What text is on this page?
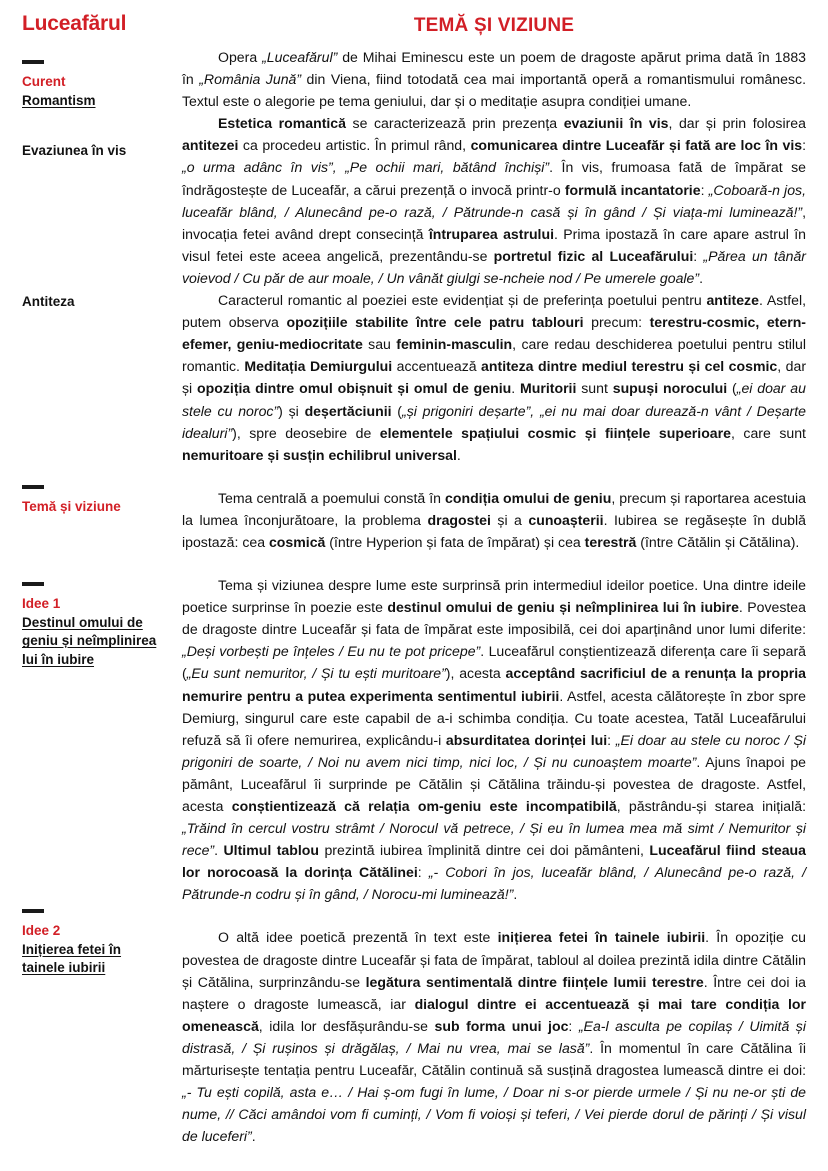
Luceafărul
Curent
Romantism
Evaziunea în vis
Antiteza
Temă și viziune
Idee 1
Destinul omului de geniu și neîmplinirea lui în iubire
Idee 2
Inițierea fetei în tainele iubirii
TEMĂ ȘI VIZIUNE

Opera „Luceafărul” de Mihai Eminescu este un poem de dragoste apărut prima dată în 1883 în „România Jună” din Viena, fiind totodată cea mai importantă operă a romantismului românesc. Textul este o alegorie pe tema geniului, dar și o meditație asupra condiției umane.

Estetica romantică se caracterizează prin prezența evaziunii în vis, dar și prin folosirea antitezei ca procedeu artistic. În primul rând, comunicarea dintre Luceafăr și fată are loc în vis: „o urma adânc în vis”, „Pe ochii mari, bătând închiși”. În vis, frumoasa fată de împărat se îndrăgostește de Luceafăr, a cărui prezență o invocă printr-o formulă incantatorie: „Coboară-n jos, luceafăr blând, / Alunecând pe-o rază, / Pătrunde-n casă și în gând / Și viața-mi luminează!”, invocația fetei având drept consecință întruparea astrului. Prima ipostază în care apare astrul în visul fetei este aceea angelică, prezentându-se portretul fizic al Luceafărului: „Părea un tânăr voievod / Cu păr de aur moale, / Un vânăt giulgi se-ncheie nod / Pe umerele goale”.

Caracterul romantic al poeziei este evidențiat și de preferința poetului pentru antiteze. Astfel, putem observa opozițiile stabilite între cele patru tablouri precum: terestru-cosmic, etern-efemer, geniu-mediocritate sau feminin-masculin, care redau deschiderea poetului pentru stilul romantic. Meditația Demiurgului accentuează antiteza dintre mediul terestru și cel cosmic, dar și opoziția dintre omul obișnuit și omul de geniu. Muritorii sunt supuși norocului („ei doar au stele cu noroc”) și deșertăciunii („și prigoniri deșarte”, „ei nu mai doar durează-n vânt / Deșarte idealuri”), spre deosebire de elementele spațiului cosmic și ființele superioare, care sunt nemuritoare și susțin echilibrul universal.

Tema centrală a poemului constă în condiția omului de geniu, precum și raportarea acestuia la lumea înconjurătoare, la problema dragostei și a cunoașterii. Iubirea se regăsește în dublă ipostază: cea cosmică (între Hyperion și fata de împărat) și cea terestră (între Cătălin și Cătălina).

Tema și viziunea despre lume este surprinsă prin intermediul ideilor poetice. Una dintre ideile poetice surprinse în poezie este destinul omului de geniu și neîmplinirea lui în iubire. Povestea de dragoste dintre Luceafăr și fata de împărat este imposibilă, cei doi aparținând unor lumi diferite: „Deși vorbești pe înțeles / Eu nu te pot pricepe”. Luceafărul conștientizează diferența care îi separă („Eu sunt nemuritor, / Și tu ești muritoare”), acesta acceptând sacrificiul de a renunța la propria nemurire pentru a putea experimenta sentimentul iubirii. Astfel, acesta călătorește în zbor spre Demiurg, singurul care este capabil de a-i schimba condiția. Cu toate acestea, Tatăl Luceafărului refuză să îi ofere nemurirea, explicându-i absurditatea dorinței lui: „Ei doar au stele cu noroc / Și prigoniri de soarte, / Noi nu avem nici timp, nici loc, / Și nu cunoaștem moarte”. Ajuns înapoi pe pământ, Luceafărul îi surprinde pe Cătălin și Cătălina trăindu-și povestea de dragoste. Astfel, acesta conștientizează că relația om-geniu este incompatibilă, păstrându-și starea inițială: „Trăind în cercul vostru strâmt / Norocul vă petrece, / Și eu în lumea mea mă simt / Nemuritor și rece”. Ultimul tablou prezintă iubirea împlinită dintre cei doi pământeni, Luceafărul fiind steaua lor norocoasă la dorința Cătălinei: „- Cobori în jos, luceafăr blând, / Alunecând pe-o rază, / Pătrunde-n codru și în gând, / Norocu-mi luminează!”.

O altă idee poetică prezentă în text este inițierea fetei în tainele iubirii. În opoziție cu povestea de dragoste dintre Luceafăr și fata de împărat, tabloul al doilea prezintă idila dintre Cătălin și Cătălina, surprinzându-se legătura sentimentală dintre ființele lumii terestre. Între cei doi ia naștere o dragoste lumească, iar dialogul dintre ei accentuează și mai tare condiția lor omenească, idila lor desfășurându-se sub forma unui joc: „Ea-l asculta pe copilaș / Uimită și distrasă, / Și rușinos și drăgălaș, / Mai nu vrea, mai se lasă”. În momentul în care Cătălina îi mărturisește tentația pentru Luceafăr, Cătălin continuă să susțină dragostea lumească dintre ei doi: „- Tu ești copilă, asta e… / Hai ș-om fugi în lume, / Doar ni s-or pierde urmele / Și nu ne-or ști de nume, // Căci amândoi vom fi cuminți, / Vom fi voioși și teferi, / Vei pierde dorul de părinți / Și visul de luceferi”.
